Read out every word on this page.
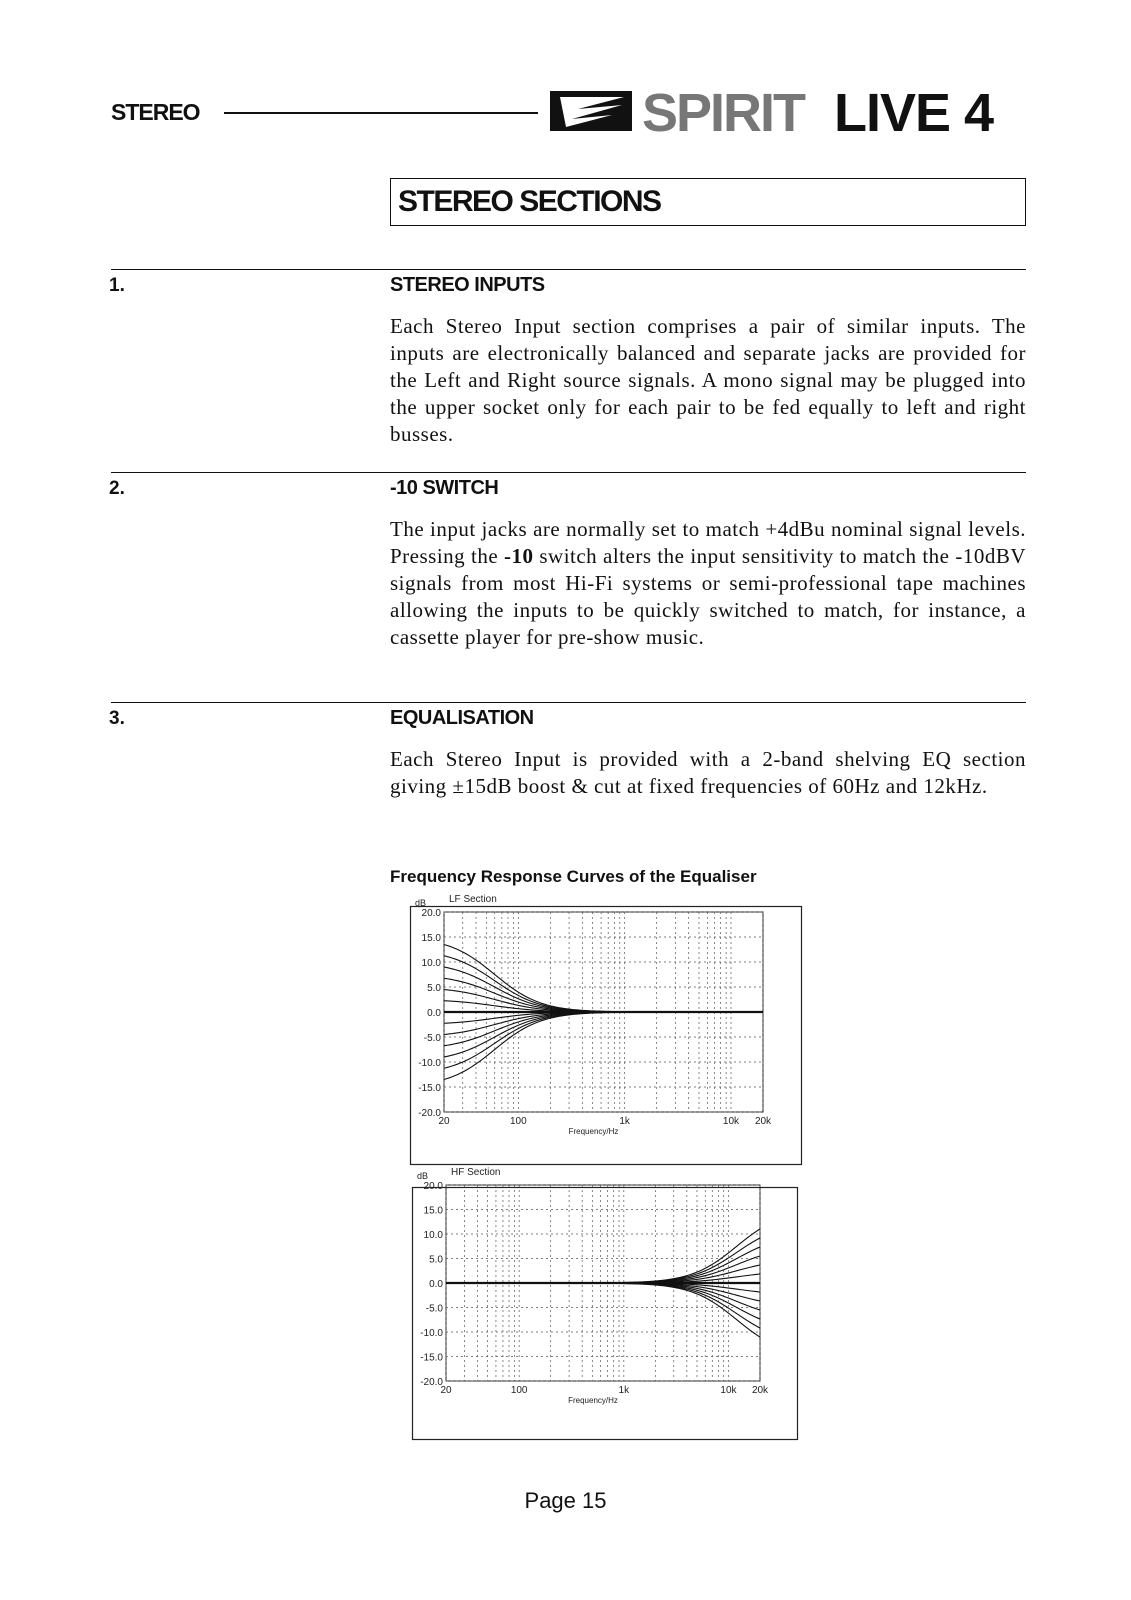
STEREO	SPIRIT LIVE 4
STEREO SECTIONS
1.	STEREO INPUTS
Each Stereo Input section comprises a pair of similar inputs. The inputs are electronically balanced and separate jacks are provided for the Left and Right source signals. A mono signal may be plugged into the upper socket only for each pair to be fed equally to left and right busses.
2.	-10 SWITCH
The input jacks are normally set to match +4dBu nominal signal levels. Pressing the -10 switch alters the input sensitivity to match the -10dBV signals from most Hi-Fi systems or semi-professional tape machines allowing the inputs to be quickly switched to match, for instance, a cassette player for pre-show music.
3.	EQUALISATION
Each Stereo Input is provided with a 2-band shelving EQ section giving ±15dB boost & cut at fixed frequencies of 60Hz and 12kHz.
Frequency Response Curves of the Equaliser
20.0
15.0
10.0
5.0
0.0
-5.0
-10.0
-15.0
-20.0
20	100	1k	10k 20k
dB LF Section
Frequency/Hz
20.0
15.0
10.0
5.0
0.0
-5.0
-10.0
-15.0
-20.0
20	100	1k	10k 20k
dB HF Section
Frequency/Hz
Page 15
